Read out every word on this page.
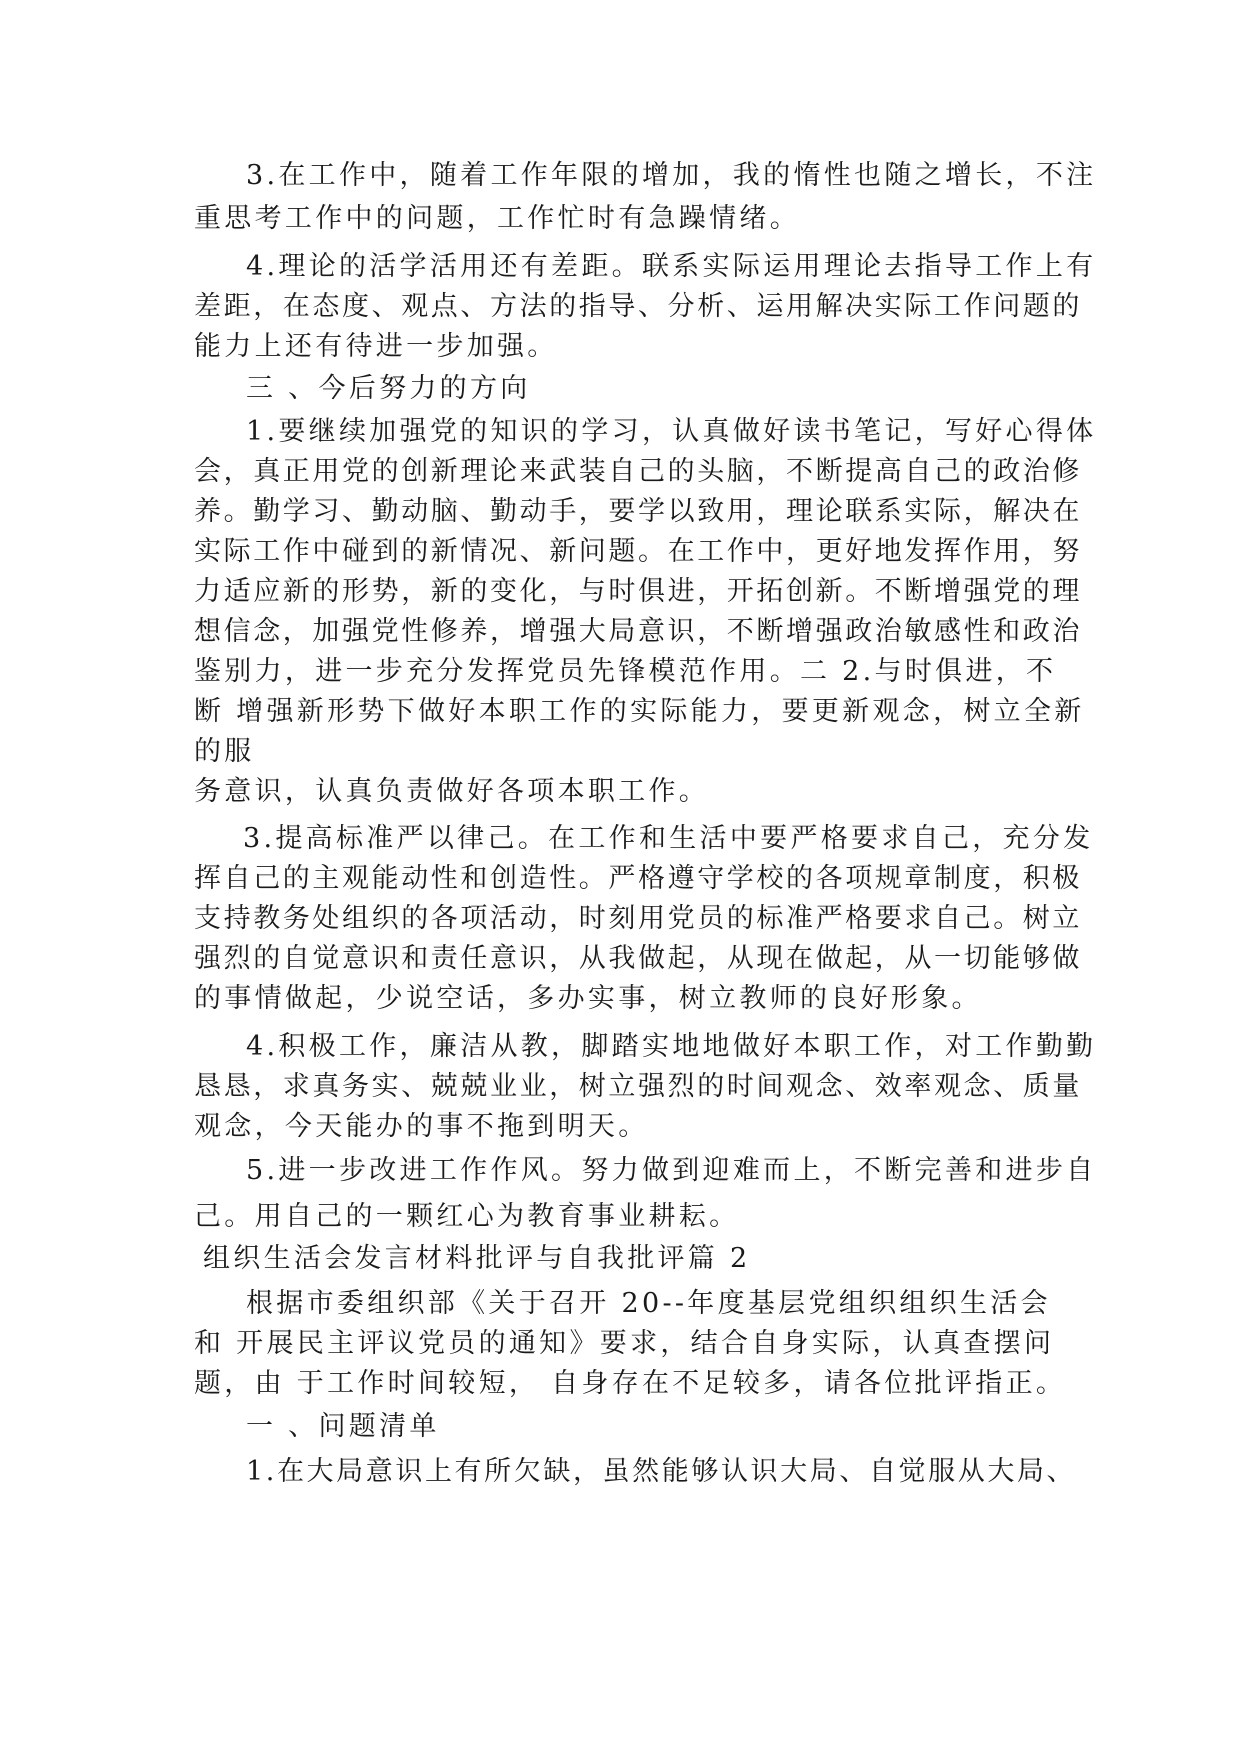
3.在工作中，随着工作年限的增加，我的惰性也随之增长，不注
重思考工作中的问题，工作忙时有急躁情绪。
4.理论的活学活用还有差距。联系实际运用理论去指导工作上有
差距，在态度、观点、方法的指导、分析、运用解决实际工作问题的
能力上还有待进一步加强。
三 、今后努力的方向
1.要继续加强党的知识的学习，认真做好读书笔记，写好心得体
会，真正用党的创新理论来武装自己的头脑，不断提高自己的政治修
养。勤学习、勤动脑、勤动手，要学以致用，理论联系实际，解决在
实际工作中碰到的新情况、新问题。在工作中，更好地发挥作用，努
力适应新的形势，新的变化，与时俱进，开拓创新。不断增强党的理
想信念，加强党性修养，增强大局意识，不断增强政治敏感性和政治
鉴别力，进一步充分发挥党员先锋模范作用。二 2.与时俱进，不
断 增强新形势下做好本职工作的实际能力，要更新观念，树立全新
的服
务意识，认真负责做好各项本职工作。
3.提高标准严以律己。在工作和生活中要严格要求自己，充分发
挥自己的主观能动性和创造性。严格遵守学校的各项规章制度，积极
支持教务处组织的各项活动，时刻用党员的标准严格要求自己。树立
强烈的自觉意识和责任意识，从我做起，从现在做起，从一切能够做
的事情做起，少说空话，多办实事，树立教师的良好形象。
4.积极工作，廉洁从教，脚踏实地地做好本职工作，对工作勤勤
恳恳，求真务实、兢兢业业，树立强烈的时间观念、效率观念、质量
观念，今天能办的事不拖到明天。
5.进一步改进工作作风。努力做到迎难而上，不断完善和进步自
己。用自己的一颗红心为教育事业耕耘。
组织生活会发言材料批评与自我批评篇 2
根据市委组织部《关于召开 20--年度基层党组织组织生活会
和 开展民主评议党员的通知》要求，结合自身实际，认真查摆问
题，由 于工作时间较短， 自身存在不足较多，请各位批评指正。
一 、问题清单
1.在大局意识上有所欠缺，虽然能够认识大局、自觉服从大局、
